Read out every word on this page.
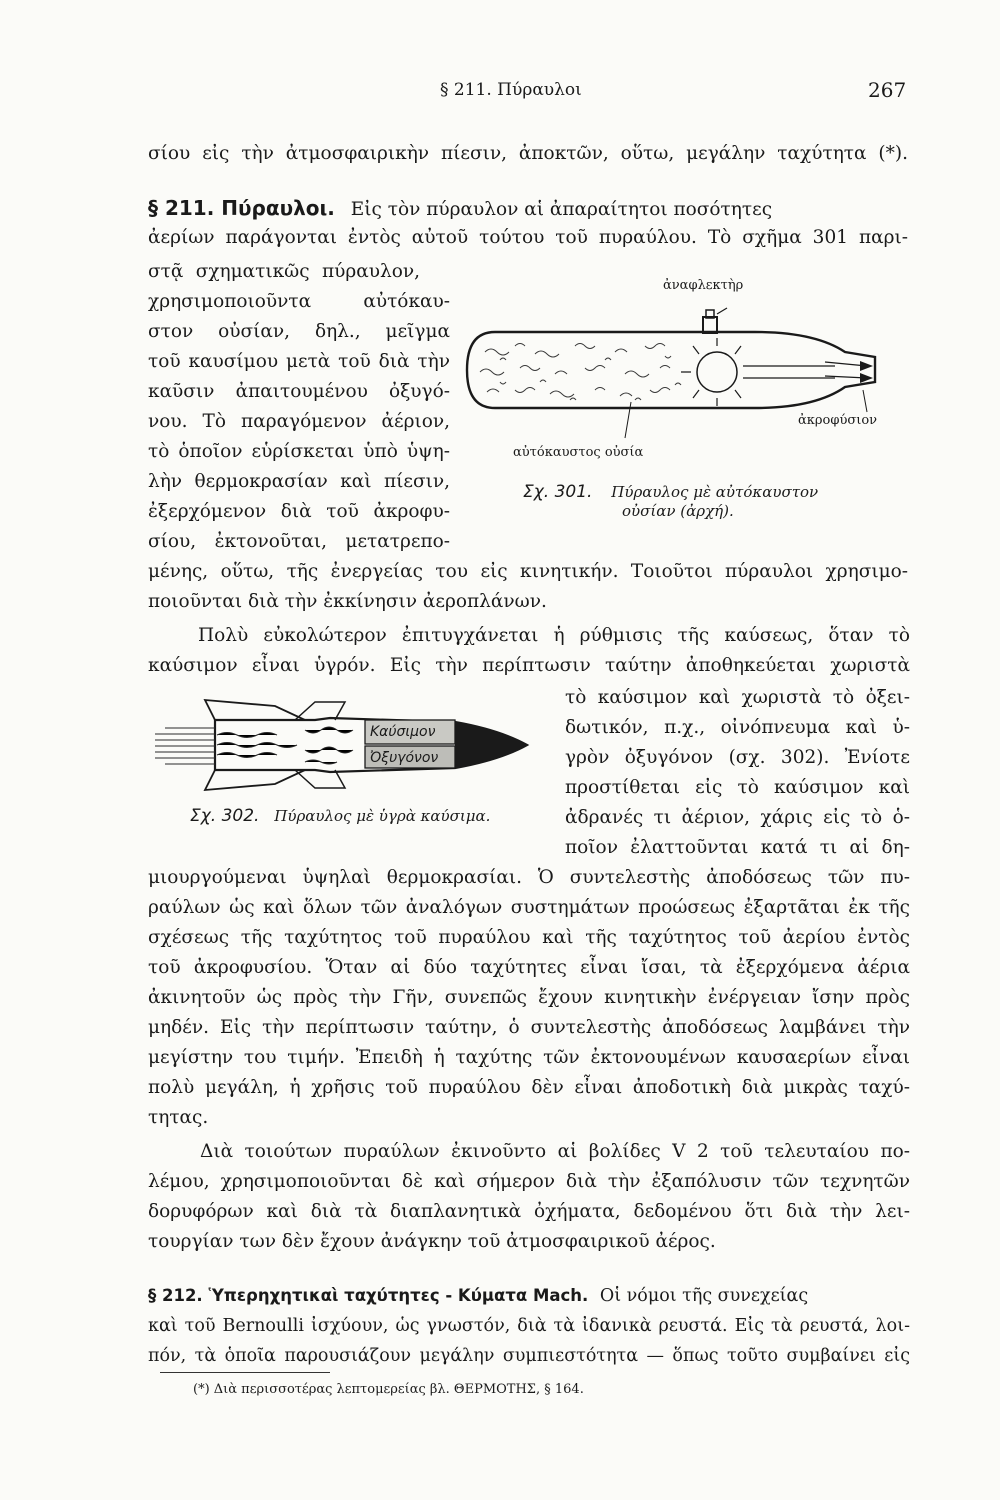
§ 211. Πύραυλοι	267
σίου εἰς τὴν ἀτμοσφαιρικὴν πίεσιν, ἀποκτῶν, οὕτω, μεγάλην ταχύτητα (*).
§ 211. Πύραυλοι. Εἰς τὸν πύραυλον αἱ ἀπαραίτητοι ποσότητες
ἀερίων παράγονται ἐντὸς αὐτοῦ τούτου τοῦ πυραύλου. Τὸ σχῆμα 301 παρι-
στᾷ σχηματικῶς πύραυλον,
χρησιμοποιοῦντα αὐτόκαυ-
στον οὐσίαν, δηλ., μεῖγμα
τοῦ καυσίμου μετὰ τοῦ διὰ τὴν
καῦσιν ἀπαιτουμένου ὀξυγό-
νου. Τὸ παραγόμενον ἀέριον,
τὸ ὁποῖον εὑρίσκεται ὑπὸ ὑψη-
λὴν θερμοκρασίαν καὶ πίεσιν,
ἐξερχόμενον διὰ τοῦ ἀκροφυ-
σίου, ἐκτονοῦται, μετατρεπο-
ἀναφλεκτὴρ
ἀκροφύσιον
αὐτόκαυστος οὐσία
Σχ. 301. Πύραυλος μὲ αὐτόκαυστον
οὐσίαν (ἀρχή).
μένης, οὕτω, τῆς ἐνεργείας του εἰς κινητικήν. Τοιοῦτοι πύραυλοι χρησιμο-
ποιοῦνται διὰ τὴν ἐκκίνησιν ἀεροπλάνων.
Πολὺ εὐκολώτερον ἐπιτυγχάνεται ἡ ρύθμισις τῆς καύσεως, ὅταν τὸ
καύσιμον εἶναι ὑγρόν. Εἰς τὴν περίπτωσιν ταύτην ἀποθηκεύεται χωριστὰ
τὸ καύσιμον καὶ χωριστὰ τὸ ὀξει-
δωτικόν, π.χ., οἰνόπνευμα καὶ ὑ-
γρὸν ὀξυγόνον (σχ. 302). Ἐνίοτε
προστίθεται εἰς τὸ καύσιμον καὶ
ἀδρανές τι ἀέριον, χάρις εἰς τὸ ὁ-
ποῖον ἐλαττοῦνται κατά τι αἱ δη-
Καύσιμον
Ὀξυγόνον
Σχ. 302. Πύραυλος μὲ ὑγρὰ καύσιμα.
μιουργούμεναι ὑψηλαὶ θερμοκρασίαι. Ὁ συντελεστὴς ἀποδόσεως τῶν πυ-
ραύλων ὡς καὶ ὅλων τῶν ἀναλόγων συστημάτων προώσεως ἐξαρτᾶται ἐκ τῆς
σχέσεως τῆς ταχύτητος τοῦ πυραύλου καὶ τῆς ταχύτητος τοῦ ἀερίου ἐντὸς
τοῦ ἀκροφυσίου. Ὅταν αἱ δύο ταχύτητες εἶναι ἴσαι, τὰ ἐξερχόμενα ἀέρια
ἀκινητοῦν ὡς πρὸς τὴν Γῆν, συνεπῶς ἔχουν κινητικὴν ἐνέργειαν ἴσην πρὸς
μηδέν. Εἰς τὴν περίπτωσιν ταύτην, ὁ συντελεστὴς ἀποδόσεως λαμβάνει τὴν
μεγίστην του τιμήν. Ἐπειδὴ ἡ ταχύτης τῶν ἐκτονουμένων καυσαερίων εἶναι
πολὺ μεγάλη, ἡ χρῆσις τοῦ πυραύλου δὲν εἶναι ἀποδοτικὴ διὰ μικρὰς ταχύ-
τητας.
Διὰ τοιούτων πυραύλων ἐκινοῦντο αἱ βολίδες V 2 τοῦ τελευταίου πο-
λέμου, χρησιμοποιοῦνται δὲ καὶ σήμερον διὰ τὴν ἐξαπόλυσιν τῶν τεχνητῶν
δορυφόρων καὶ διὰ τὰ διαπλανητικὰ ὀχήματα, δεδομένου ὅτι διὰ τὴν λει-
τουργίαν των δὲν ἔχουν ἀνάγκην τοῦ ἀτμοσφαιρικοῦ ἀέρος.
§ 212. Ὑπερηχητικαὶ ταχύτητες - Κύματα Mach. Οἱ νόμοι τῆς συνεχείας
καὶ τοῦ Bernoulli ἰσχύουν, ὡς γνωστόν, διὰ τὰ ἰδανικὰ ρευστά. Εἰς τὰ ρευστά, λοι-
πόν, τὰ ὁποῖα παρουσιάζουν μεγάλην συμπιεστότητα — ὅπως τοῦτο συμβαίνει εἰς
(*) Διὰ περισσοτέρας λεπτομερείας βλ. ΘΕΡΜΟΤΗΣ, § 164.
